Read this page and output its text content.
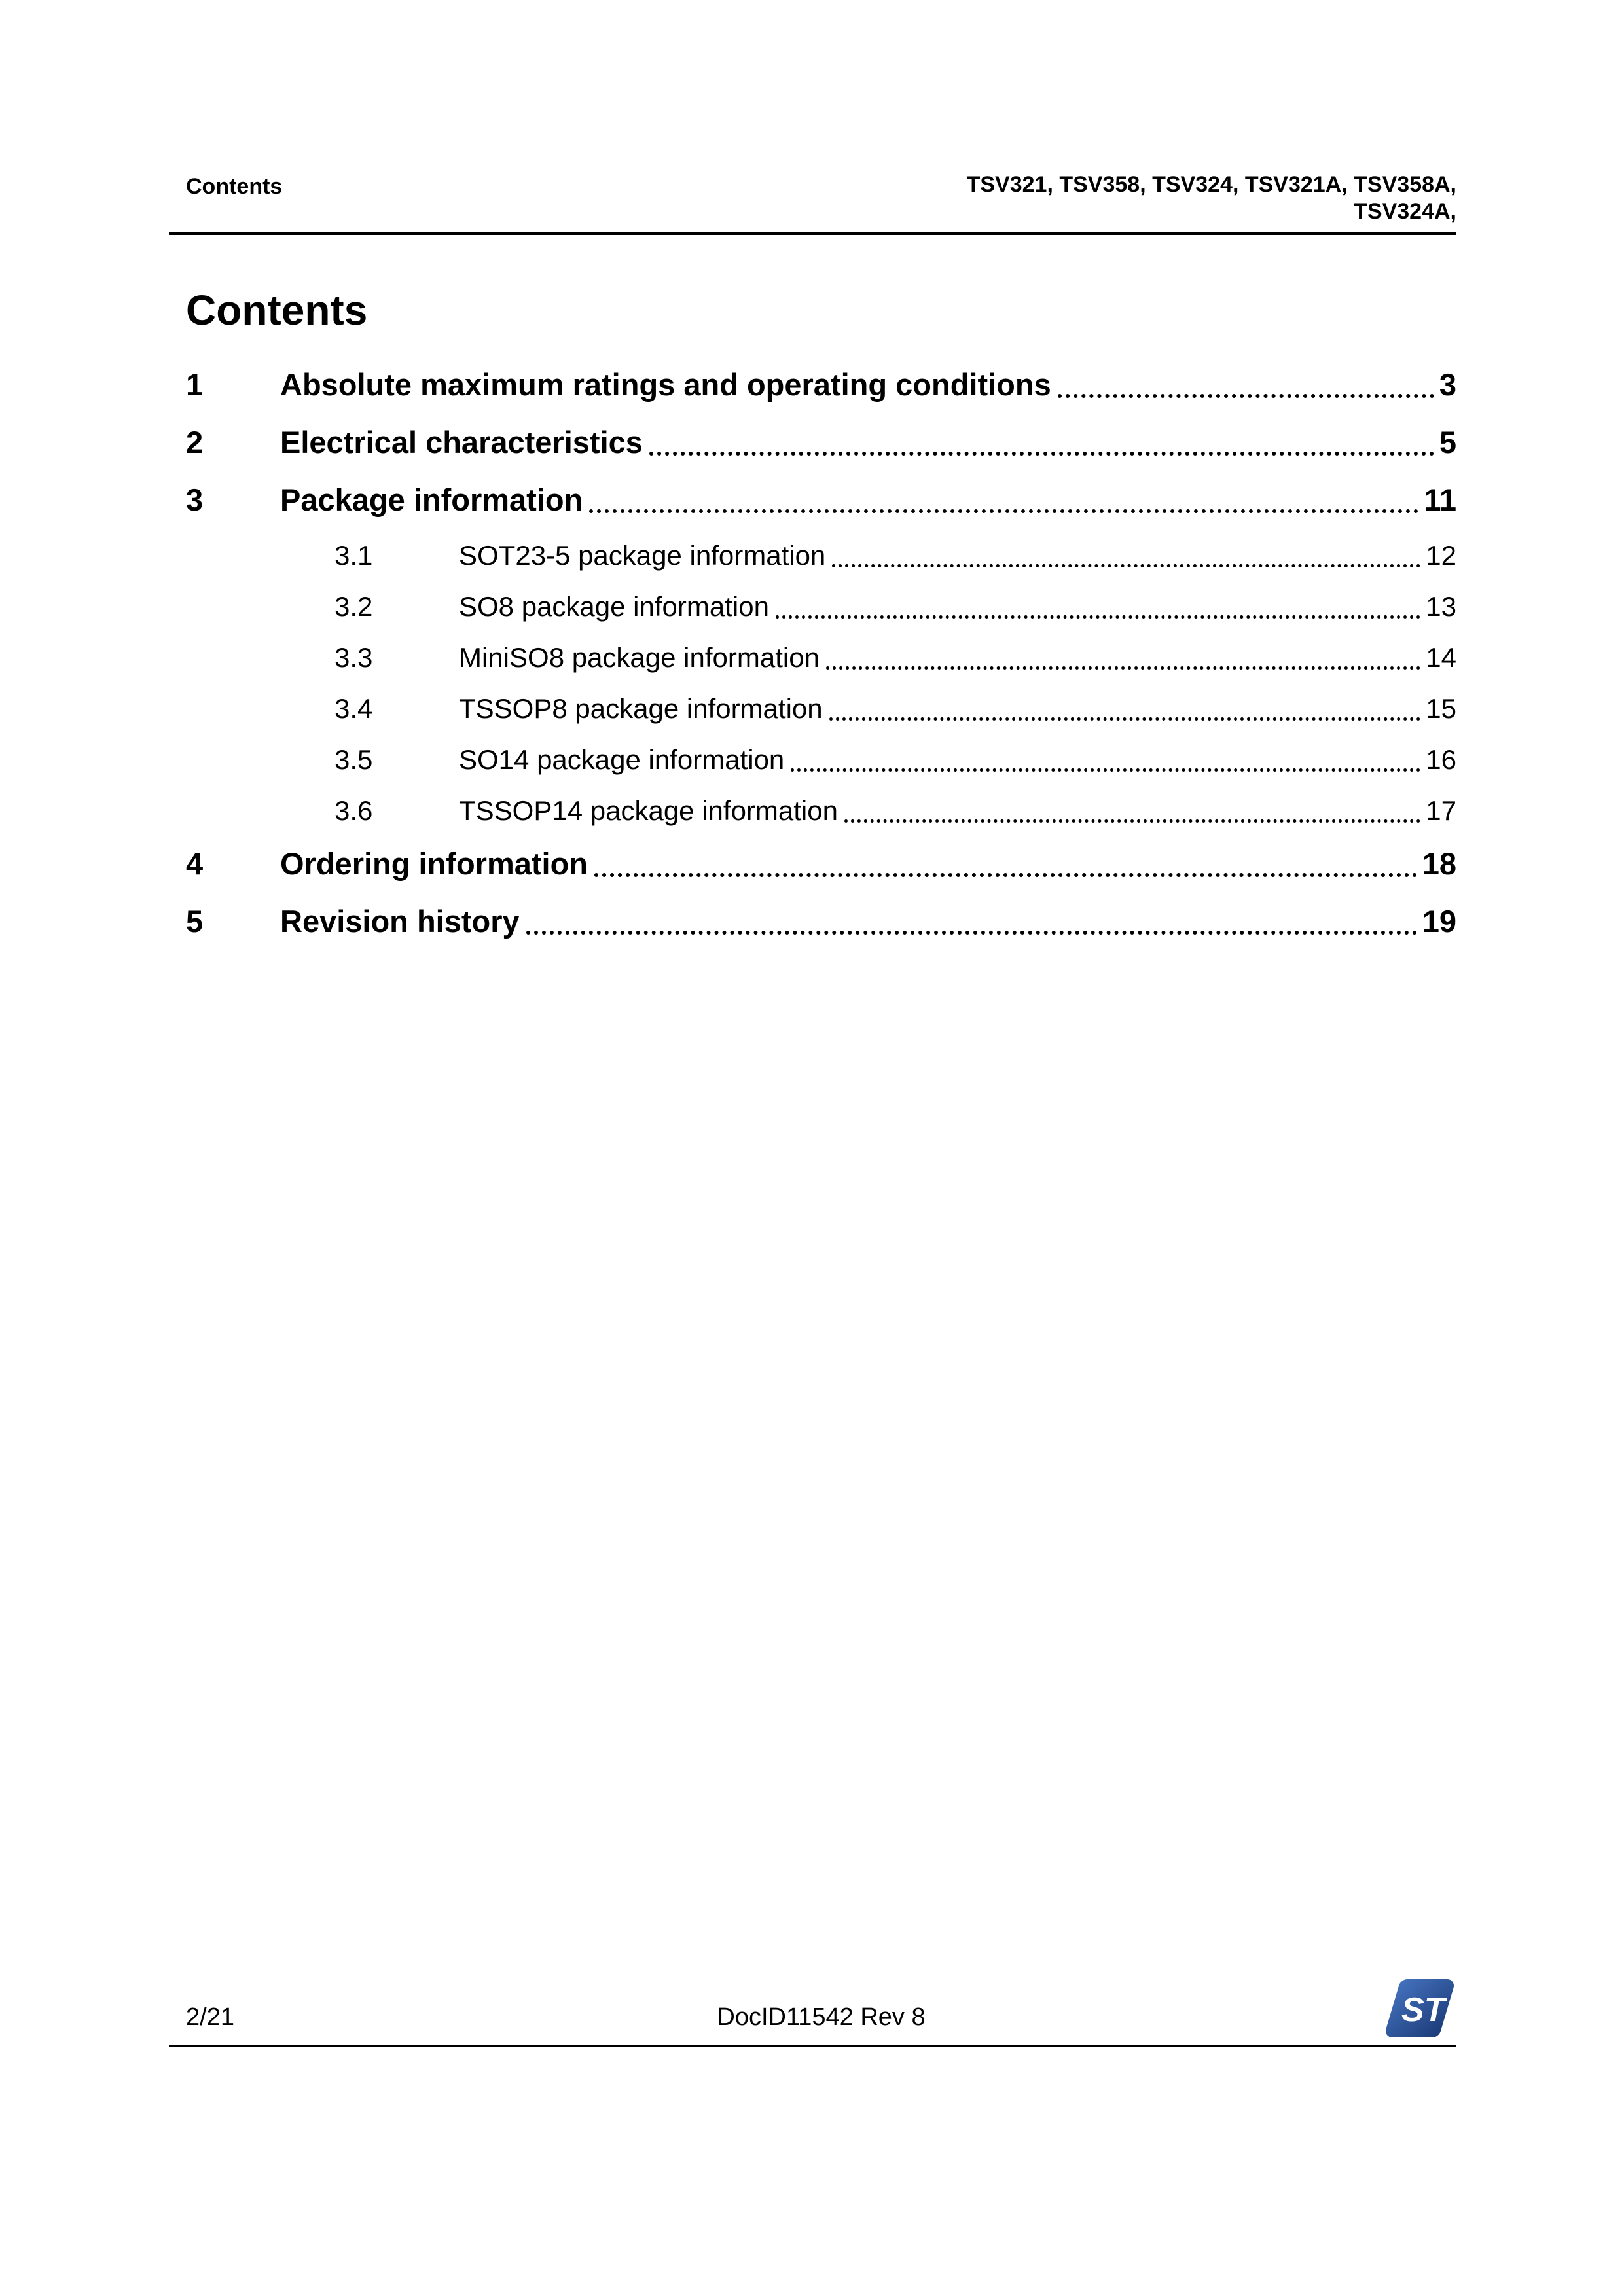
Contents	TSV321, TSV358, TSV324, TSV321A, TSV358A,
TSV324A,
Contents
1	Absolute maximum ratings and operating conditions	3
2	Electrical characteristics	5
3	Package information	11
3.1	SOT23-5 package information	12
3.2	SO8 package information	13
3.3	MiniSO8 package information	14
3.4	TSSOP8 package information	15
3.5	SO14 package information	16
3.6	TSSOP14 package information	17
4	Ordering information	18
5	Revision history	19
2/21	DocID11542 Rev 8	ST
